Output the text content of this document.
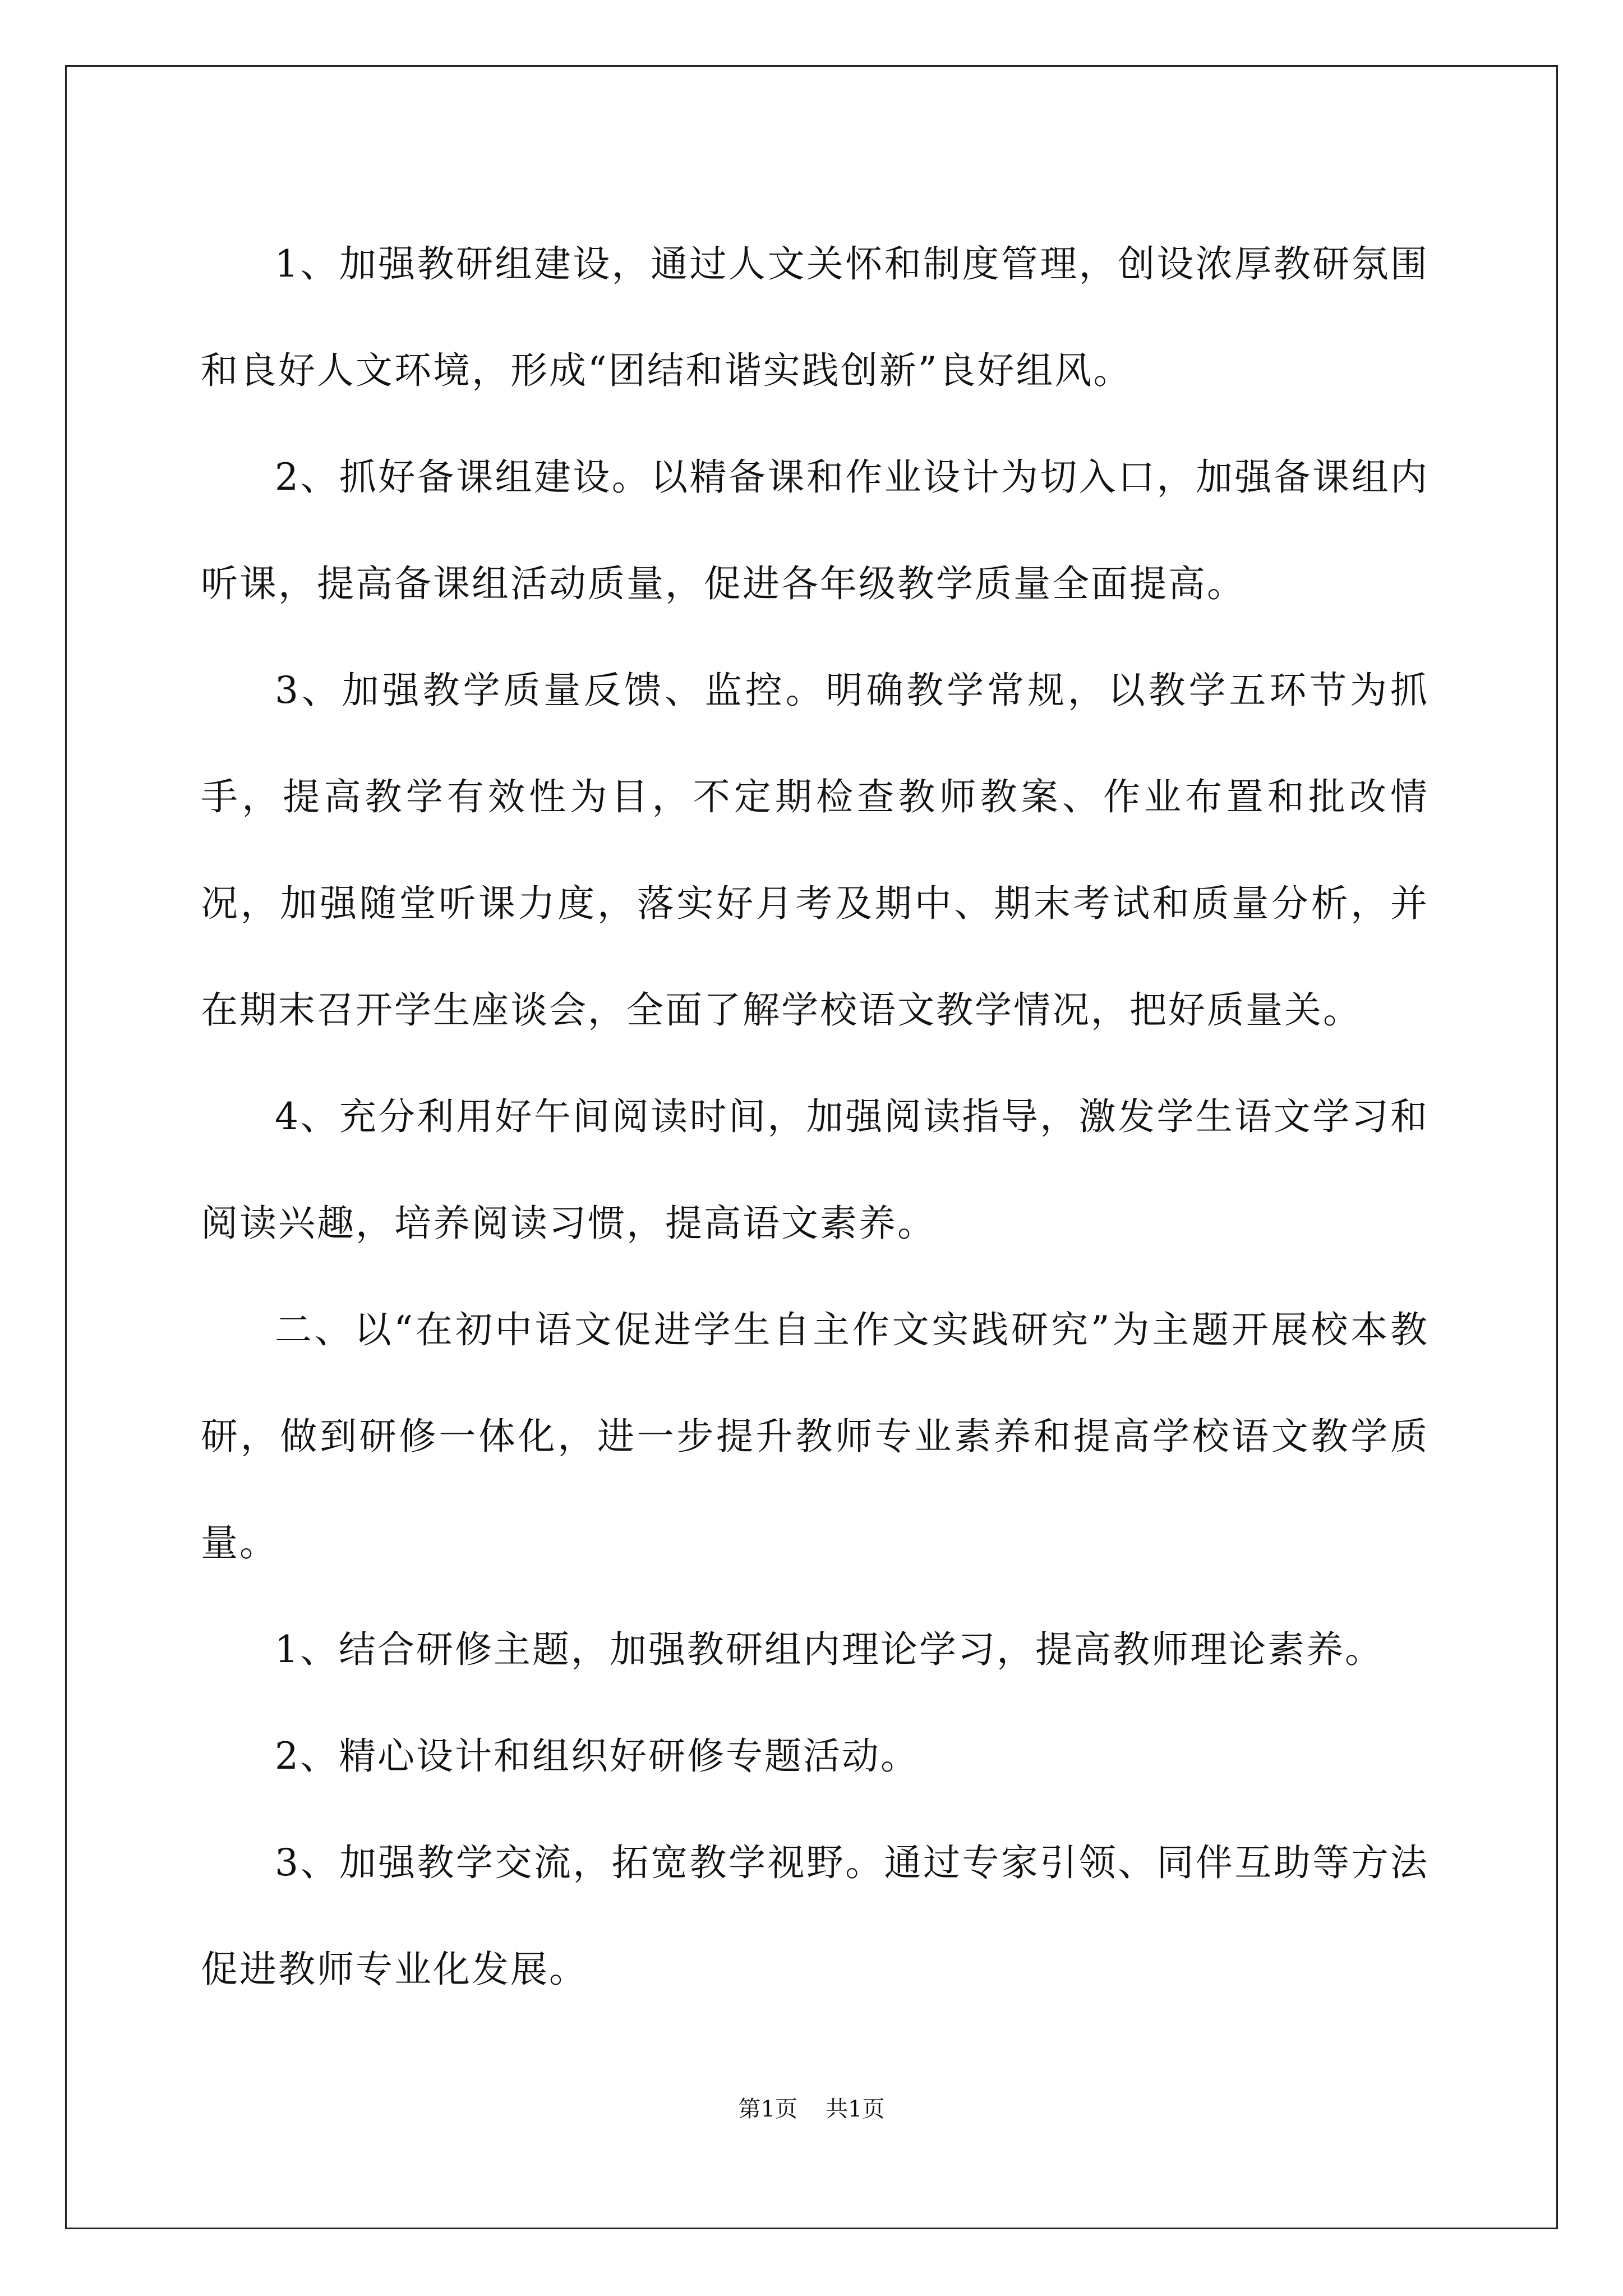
1、加强教研组建设，通过人文关怀和制度管理，创设浓厚教研氛围和良好人文环境，形成“团结和谐实践创新”良好组风。

2、抓好备课组建设。以精备课和作业设计为切入口，加强备课组内听课，提高备课组活动质量，促进各年级教学质量全面提高。

3、加强教学质量反馈、监控。明确教学常规，以教学五环节为抓手，提高教学有效性为目，不定期检查教师教案、作业布置和批改情况，加强随堂听课力度，落实好月考及期中、期末考试和质量分析，并在期末召开学生座谈会，全面了解学校语文教学情况，把好质量关。

4、充分利用好午间阅读时间，加强阅读指导，激发学生语文学习和阅读兴趣，培养阅读习惯，提高语文素养。

二、以“在初中语文促进学生自主作文实践研究”为主题开展校本教研，做到研修一体化，进一步提升教师专业素养和提高学校语文教学质量。

1、结合研修主题，加强教研组内理论学习，提高教师理论素养。

2、精心设计和组织好研修专题活动。

3、加强教学交流，拓宽教学视野。通过专家引领、同伴互助等方法促进教师专业化发展。

第1页 共1页
